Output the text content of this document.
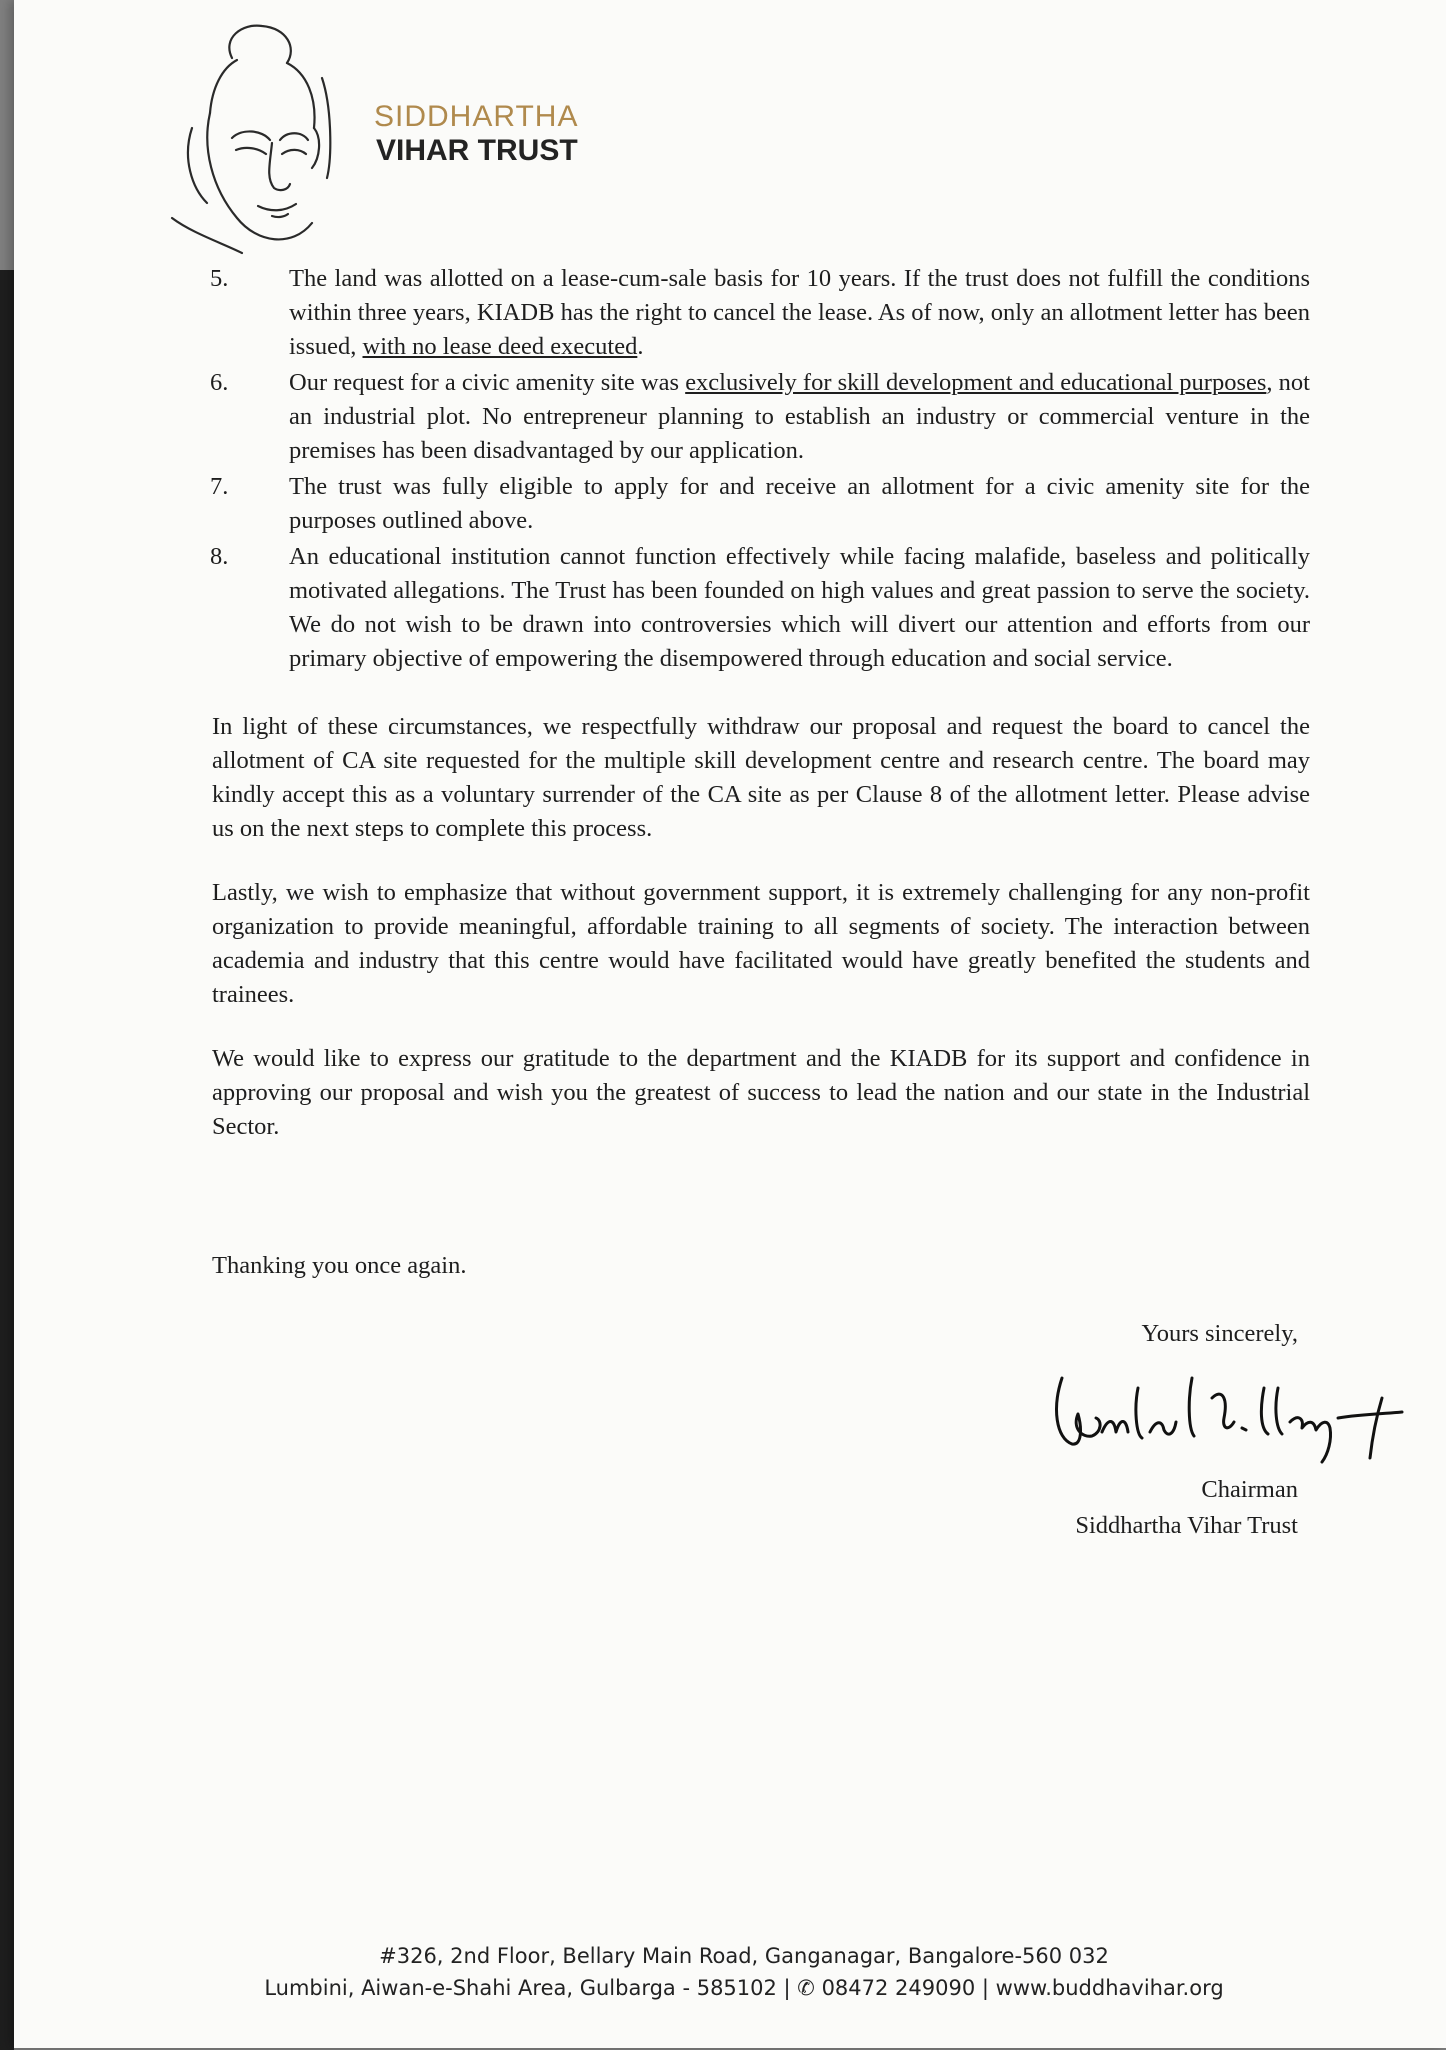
SIDDHARTHA
VIHAR TRUST
5.	The land was allotted on a lease-cum-sale basis for 10 years. If the trust does not fulfill the conditions within three years, KIADB has the right to cancel the lease. As of now, only an allotment letter has been issued, with no lease deed executed.
6.	Our request for a civic amenity site was exclusively for skill development and educational purposes, not an industrial plot. No entrepreneur planning to establish an industry or commercial venture in the premises has been disadvantaged by our application.
7.	The trust was fully eligible to apply for and receive an allotment for a civic amenity site for the purposes outlined above.
8.	An educational institution cannot function effectively while facing malafide, baseless and politically motivated allegations. The Trust has been founded on high values and great passion to serve the society. We do not wish to be drawn into controversies which will divert our attention and efforts from our primary objective of empowering the disempowered through education and social service.
In light of these circumstances, we respectfully withdraw our proposal and request the board to cancel the allotment of CA site requested for the multiple skill development centre and research centre. The board may kindly accept this as a voluntary surrender of the CA site as per Clause 8 of the allotment letter. Please advise us on the next steps to complete this process.
Lastly, we wish to emphasize that without government support, it is extremely challenging for any non-profit organization to provide meaningful, affordable training to all segments of society. The interaction between academia and industry that this centre would have facilitated would have greatly benefited the students and trainees.
We would like to express our gratitude to the department and the KIADB for its support and confidence in approving our proposal and wish you the greatest of success to lead the nation and our state in the Industrial Sector.
Thanking you once again.
Yours sincerely,
Chairman
Siddhartha Vihar Trust
#326, 2nd Floor, Bellary Main Road, Ganganagar, Bangalore-560 032
Lumbini, Aiwan-e-Shahi Area, Gulbarga - 585102 | ✆ 08472 249090 | www.buddhavihar.org
